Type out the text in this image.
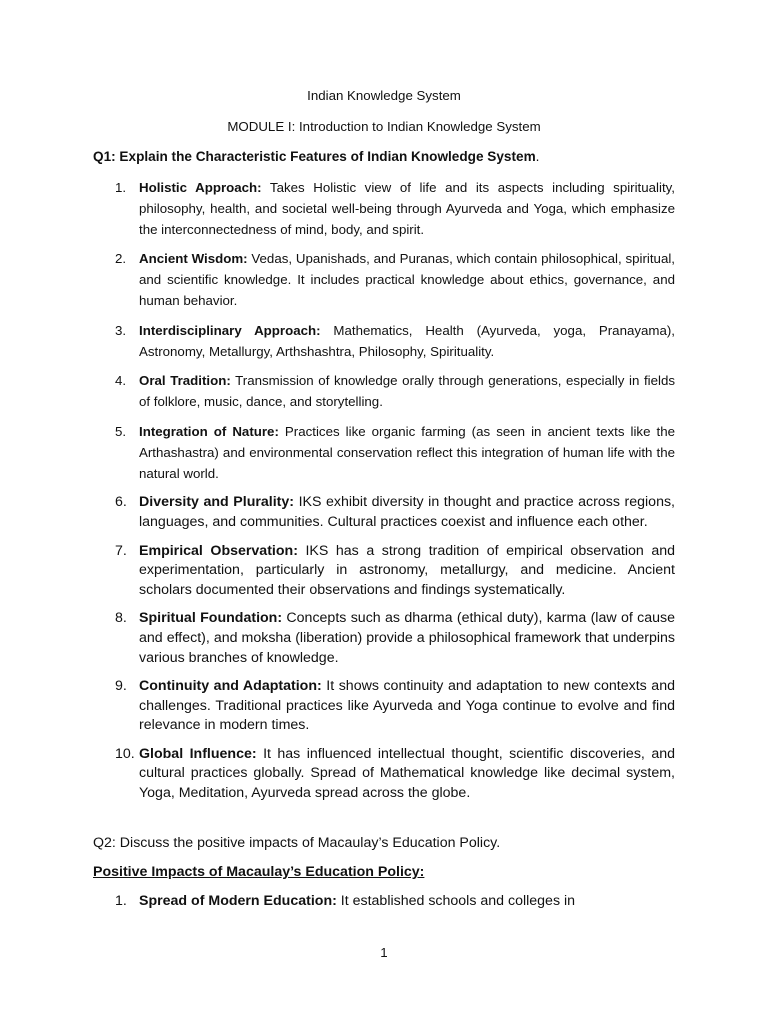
Indian Knowledge System
MODULE I: Introduction to Indian Knowledge System
Q1: Explain the Characteristic Features of Indian Knowledge System.
1. Holistic Approach: Takes Holistic view of life and its aspects including spirituality, philosophy, health, and societal well-being through Ayurveda and Yoga, which emphasize the interconnectedness of mind, body, and spirit.
2. Ancient Wisdom: Vedas, Upanishads, and Puranas, which contain philosophical, spiritual, and scientific knowledge. It includes practical knowledge about ethics, governance, and human behavior.
3. Interdisciplinary Approach: Mathematics, Health (Ayurveda, yoga, Pranayama), Astronomy, Metallurgy, Arthshashtra, Philosophy, Spirituality.
4. Oral Tradition: Transmission of knowledge orally through generations, especially in fields of folklore, music, dance, and storytelling.
5. Integration of Nature: Practices like organic farming (as seen in ancient texts like the Arthashastra) and environmental conservation reflect this integration of human life with the natural world.
6. Diversity and Plurality: IKS exhibit diversity in thought and practice across regions, languages, and communities. Cultural practices coexist and influence each other.
7. Empirical Observation: IKS has a strong tradition of empirical observation and experimentation, particularly in astronomy, metallurgy, and medicine. Ancient scholars documented their observations and findings systematically.
8. Spiritual Foundation: Concepts such as dharma (ethical duty), karma (law of cause and effect), and moksha (liberation) provide a philosophical framework that underpins various branches of knowledge.
9. Continuity and Adaptation: It shows continuity and adaptation to new contexts and challenges. Traditional practices like Ayurveda and Yoga continue to evolve and find relevance in modern times.
10. Global Influence: It has influenced intellectual thought, scientific discoveries, and cultural practices globally. Spread of Mathematical knowledge like decimal system, Yoga, Meditation, Ayurveda spread across the globe.
Q2: Discuss the positive impacts of Macaulay’s Education Policy.
Positive Impacts of Macaulay’s Education Policy:
1. Spread of Modern Education: It established schools and colleges in
1
